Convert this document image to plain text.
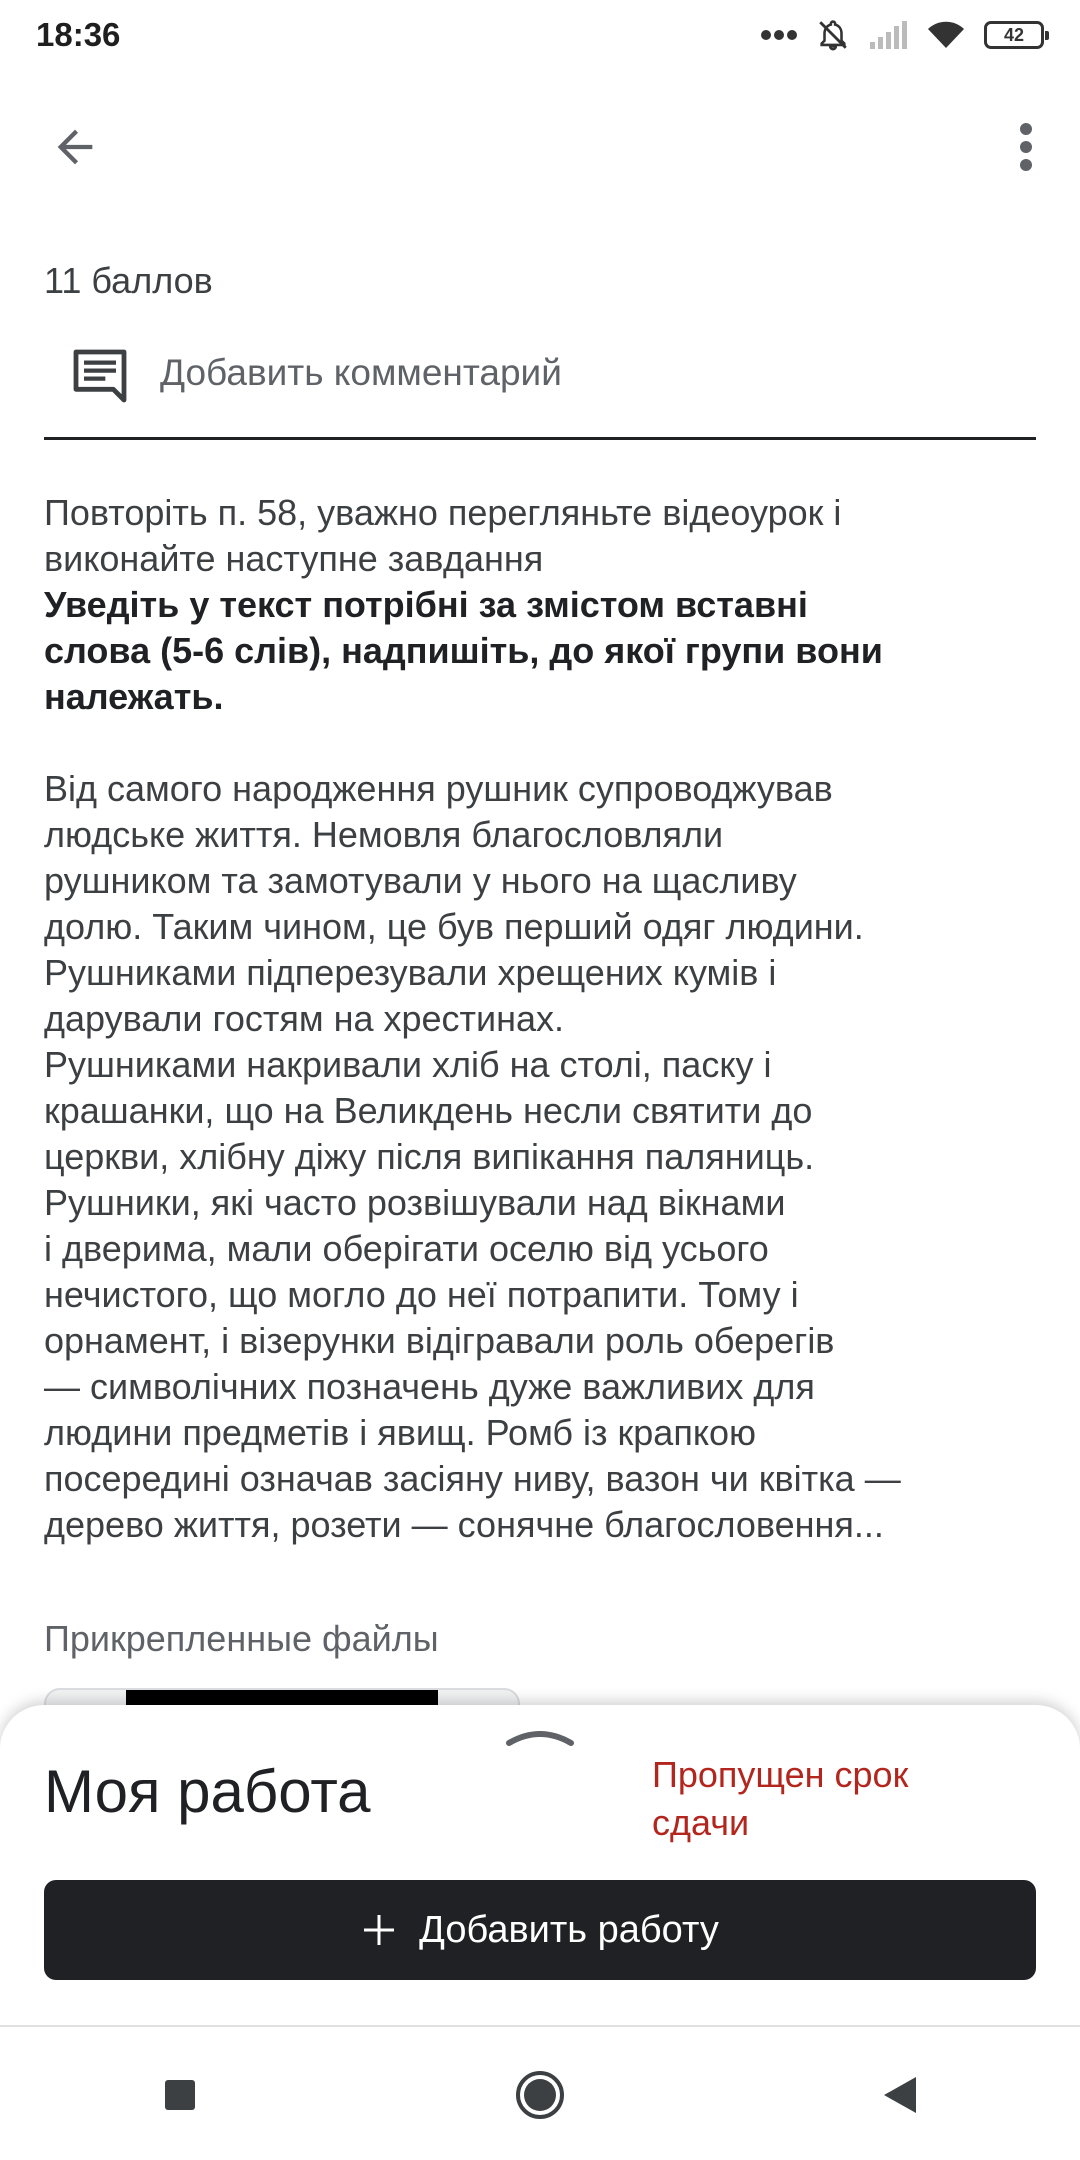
18:36	42
11 баллов
Добавить комментарий
Повторіть п. 58, уважно перегляньте відеоурок і
виконайте наступне завдання
Уведіть у текст потрібні за змістом вставні
слова (5-6 слів), надпишіть, до якої групи вони
належать.
Від самого народження рушник супроводжував
людське життя. Немовля благословляли
рушником та замотували у нього на щасливу
долю. Таким чином, це був перший одяг людини.
Рушниками підперезували хрещених кумів і
дарували гостям на хрестинах.
Рушниками накривали хліб на столі, паску і
крашанки, що на Великдень несли святити до
церкви, хлібну діжу після випікання паляниць.
Рушники, які часто розвішували над вікнами
і дверима, мали оберігати оселю від усього
нечистого, що могло до неї потрапити. Тому і
орнамент, і візерунки відігравали роль оберегів
— символічних позначень дуже важливих для
людини предметів і явищ. Ромб із крапкою
посередині означав засіяну ниву, вазон чи квітка —
дерево життя, розети — сонячне благословення...
Прикрепленные файлы
Моя работа	Пропущен срок
сдачи
Добавить работу
